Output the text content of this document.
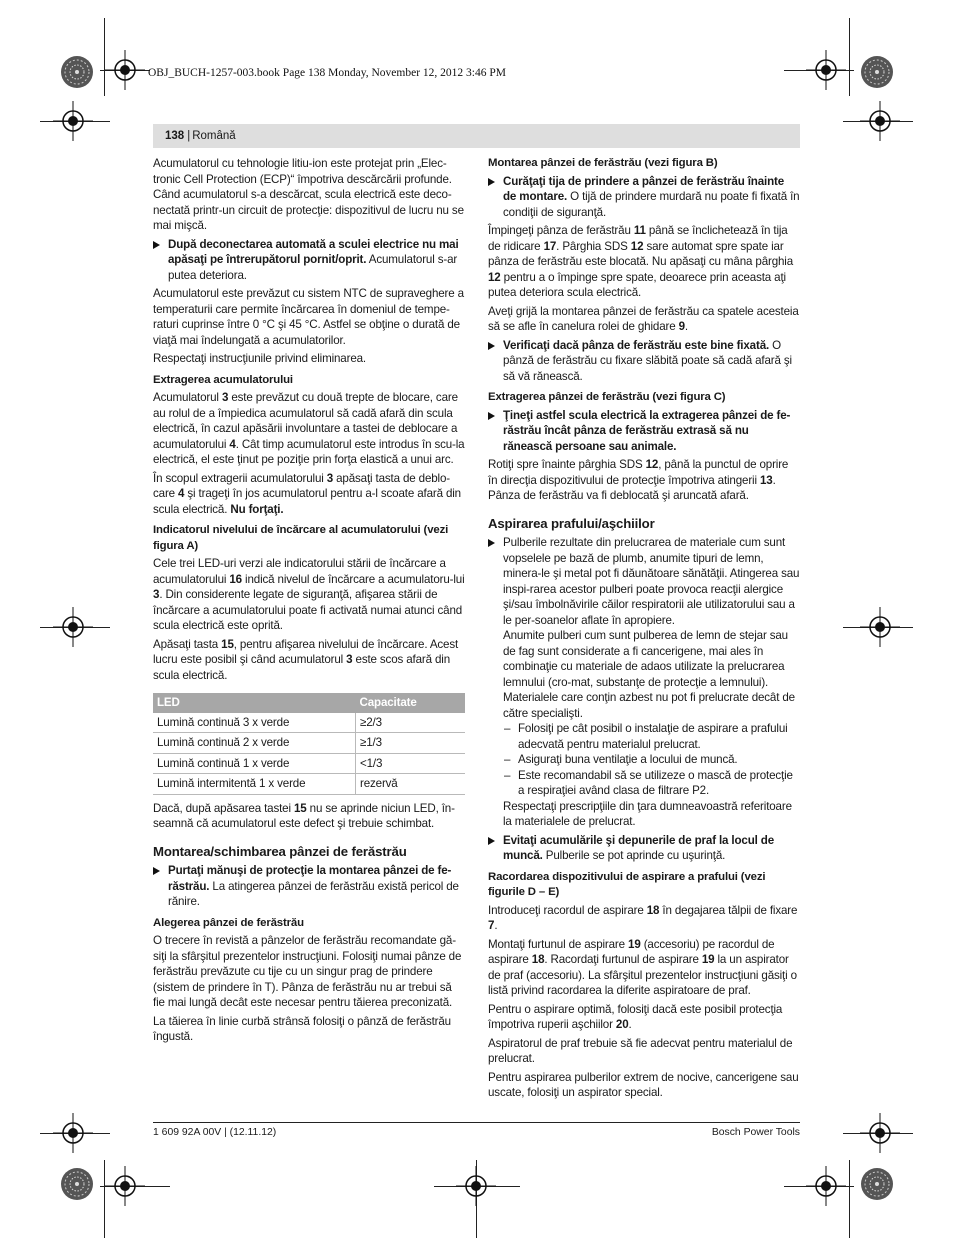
OBJ_BUCH-1257-003.book Page 138 Monday, November 12, 2012 3:46 PM
138 | Română

Acumulatorul cu tehnologie litiu-ion este protejat prin „Elec-tronic Cell Protection (ECP)“ împotriva descărcării profunde. Când acumulatorul s-a descărcat, scula electrică este deco-nectată printr-un circuit de protecţie: dispozitivul de lucru nu se mai mişcă.

După deconectarea automată a sculei electrice nu mai apăsaţi pe întrerupătorul pornit/oprit. Acumulatorul s-ar putea deteriora.

Acumulatorul este prevăzut cu sistem NTC de supraveghere a temperaturii care permite încărcarea în domeniul de tempe-raturi cuprinse între 0 °C şi 45 °C. Astfel se obţine o durată de viaţă mai îndelungată a acumulatorilor.

Respectaţi instrucţiunile privind eliminarea.

Extragerea acumulatorului

Acumulatorul 3 este prevăzut cu două trepte de blocare, care au rolul de a împiedica acumulatorul să cadă afară din scula electrică, în cazul apăsării involuntare a tastei de deblocare a acumulatorului 4. Cât timp acumulatorul este introdus în scu-la electrică, el este ţinut pe poziţie prin forţa elastică a unui arc.

În scopul extragerii acumulatorului 3 apăsaţi tasta de deblo-care 4 şi trageţi în jos acumulatorul pentru a-l scoate afară din scula electrică. Nu forţaţi.

Indicatorul nivelului de încărcare al acumulatorului (vezi figura A)

Cele trei LED-uri verzi ale indicatorului stării de încărcare a acumulatorului 16 indică nivelul de încărcare a acumulatoru-lui 3. Din considerente legate de siguranţă, afişarea stării de încărcare a acumulatorului poate fi activată numai atunci când scula electrică este oprită.

Apăsaţi tasta 15, pentru afişarea nivelului de încărcare. Acest lucru este posibil şi când acumulatorul 3 este scos afară din scula electrică.

LED	Capacitate
Lumină continuă 3 x verde	≥2/3
Lumină continuă 2 x verde	≥1/3
Lumină continuă 1 x verde	<1/3
Lumină intermitentă 1 x verde	rezervă

Dacă, după apăsarea tastei 15 nu se aprinde niciun LED, în-seamnă că acumulatorul este defect şi trebuie schimbat.

Montarea/schimbarea pânzei de ferăstrău
Purtaţi mănuşi de protecţie la montarea pânzei de fe-răstrău. La atingerea pânzei de ferăstrău există pericol de rănire.
Alegerea pânzei de ferăstrău

O trecere în revistă a pânzelor de ferăstrău recomandate gă-siţi la sfârşitul prezentelor instrucţiuni. Folosiţi numai pânze de ferăstrău prevăzute cu tije cu un singur prag de prindere (sistem de prindere în T). Pânza de ferăstrău nu ar trebui să fie mai lungă decât este necesar pentru tăierea preconizată.

La tăierea în linie curbă strânsă folosiţi o pânză de ferăstrău îngustă.

Montarea pânzei de ferăstrău (vezi figura B)
Curăţaţi tija de prindere a pânzei de ferăstrău înainte de montare. O tijă de prindere murdară nu poate fi fixată în condiţii de siguranţă.

Împingeţi pânza de ferăstrău 11 până se înclichetează în tija de ridicare 17. Pârghia SDS 12 sare automat spre spate iar pânza de ferăstrău este blocată. Nu apăsaţi cu mâna pârghia 12 pentru a o împinge spre spate, deoarece prin aceasta aţi putea deteriora scula electrică.

Aveţi grijă la montarea pânzei de ferăstrău ca spatele acesteia să se afle în canelura rolei de ghidare 9.

Verificaţi dacă pânza de ferăstrău este bine fixată. O pânză de ferăstrău cu fixare slăbită poate să cadă afară şi să vă rănească.
Extragerea pânzei de ferăstrău (vezi figura C)
Ţineţi astfel scula electrică la extragerea pânzei de fe-răstrău încât pânza de ferăstrău extrasă să nu rănească persoane sau animale.

Rotiţi spre înainte pârghia SDS 12, până la punctul de oprire în direcţia dispozitivului de protecţie împotriva atingerii 13. Pânza de ferăstrău va fi deblocată şi aruncată afară.

Aspirarea prafului/aşchiilor
Pulberile rezultate din prelucrarea de materiale cum sunt vopselele pe bază de plumb, anumite tipuri de lemn, minera-le şi metal pot fi dăunătoare sănătăţii. Atingerea sau inspi-rarea acestor pulberi poate provoca reacţii alergice şi/sau îmbolnăvirile căilor respiratorii ale utilizatorului sau a le per-soanelor aflate în apropiere.

Anumite pulberi cum sunt pulberea de lemn de stejar sau de fag sunt considerate a fi cancerigene, mai ales în combinaţie cu materiale de adaos utilizate la prelucrarea lemnului (cro-mat, substanţe de protecţie a lemnului). Materialele care conţin azbest nu pot fi prelucrate decât de către specialişti.

– Folosiţi pe cât posibil o instalaţie de aspirare a prafului adecvată pentru materialul prelucrat.

– Asiguraţi buna ventilaţie a locului de muncă.

– Este recomandabil să se utilizeze o mască de protecţie a respiraţiei având clasa de filtrare P2.

Respectaţi prescripţiile din ţara dumneavoastră referitoare la materialele de prelucrat.

Evitaţi acumulările şi depunerile de praf la locul de muncă. Pulberile se pot aprinde cu uşurinţă.
Racordarea dispozitivului de aspirare a prafului (vezi figurile D – E)

Introduceţi racordul de aspirare 18 în degajarea tălpii de fixare 7.

Montaţi furtunul de aspirare 19 (accesoriu) pe racordul de aspirare 18. Racordaţi furtunul de aspirare 19 la un aspirator de praf (accesoriu). La sfârşitul prezentelor instrucţiuni găsiţi o listă privind racordarea la diferite aspiratoare de praf.

Pentru o aspirare optimă, folosiţi dacă este posibil protecţia împotriva ruperii aşchiilor 20.

Aspiratorul de praf trebuie să fie adecvat pentru materialul de prelucrat.

Pentru aspirarea pulberilor extrem de nocive, cancerigene sau uscate, folosiţi un aspirator special.

1 609 92A 00V | (12.11.12)	Bosch Power Tools
